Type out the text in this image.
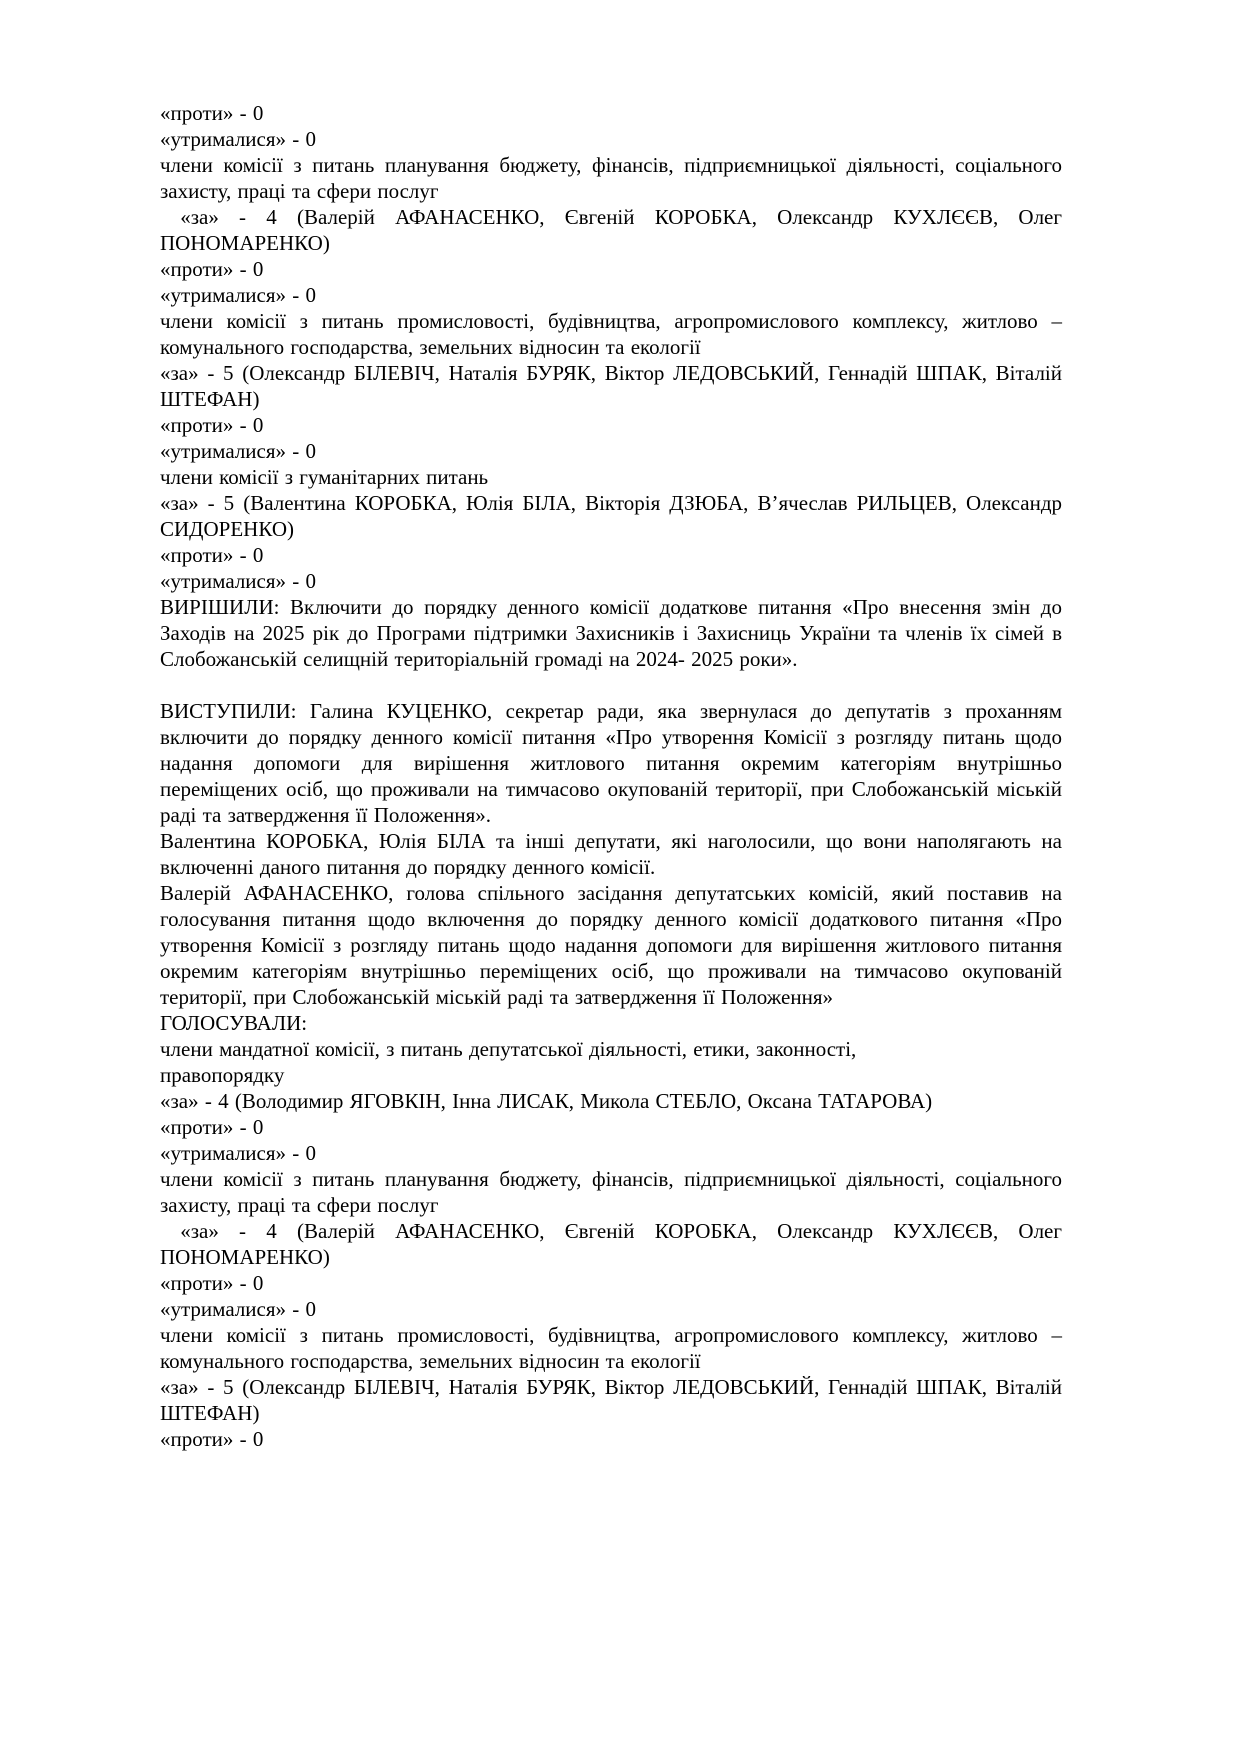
«проти» - 0

«утрималися» - 0

члени комісії з питань планування бюджету, фінансів, підприємницької діяльності, соціального захисту, праці та сфери послуг

«за» - 4 (Валерій АФАНАСЕНКО, Євгеній КОРОБКА, Олександр КУХЛЄЄВ, Олег ПОНОМАРЕНКО)

«проти» - 0

«утрималися» - 0

члени комісії з питань промисловості, будівництва, агропромислового комплексу, житлово – комунального господарства, земельних відносин та екології

«за» - 5 (Олександр БІЛЕВІЧ, Наталія БУРЯК, Віктор ЛЕДОВСЬКИЙ, Геннадій ШПАК, Віталій ШТЕФАН)

«проти» - 0

«утрималися» - 0

члени комісії з гуманітарних питань

«за» - 5 (Валентина КОРОБКА, Юлія БІЛА, Вікторія ДЗЮБА, В’ячеслав РИЛЬЦЕВ, Олександр СИДОРЕНКО)

«проти» - 0

«утрималися» - 0

ВИРІШИЛИ: Включити до порядку денного комісії додаткове питання «Про внесення змін до Заходів на 2025 рік до Програми підтримки Захисників і Захисниць України та членів їх сімей в Слобожанській селищній територіальній громаді на 2024- 2025 роки».

ВИСТУПИЛИ: Галина КУЦЕНКО, секретар ради, яка звернулася до депутатів з проханням включити до порядку денного комісії питання «Про утворення Комісії з розгляду питань щодо надання допомоги для вирішення житлового питання окремим категоріям внутрішньо переміщених осіб, що проживали на тимчасово окупованій території, при Слобожанській міській раді та затвердження її Положення».

Валентина КОРОБКА, Юлія БІЛА та інші депутати, які наголосили, що вони наполягають на включенні даного питання до порядку денного комісії.

Валерій АФАНАСЕНКО, голова спільного засідання депутатських комісій, який поставив на голосування питання щодо включення до порядку денного комісії додаткового питання «Про утворення Комісії з розгляду питань щодо надання допомоги для вирішення житлового питання окремим категоріям внутрішньо переміщених осіб, що проживали на тимчасово окупованій території, при Слобожанській міській раді та затвердження її Положення»

ГОЛОСУВАЛИ:

члени мандатної комісії, з питань депутатської діяльності, етики, законності,

правопорядку

«за» - 4 (Володимир ЯГОВКІН, Інна ЛИСАК, Микола СТЕБЛО, Оксана ТАТАРОВА)

«проти» - 0

«утрималися» - 0

члени комісії з питань планування бюджету, фінансів, підприємницької діяльності, соціального захисту, праці та сфери послуг

«за» - 4 (Валерій АФАНАСЕНКО, Євгеній КОРОБКА, Олександр КУХЛЄЄВ, Олег ПОНОМАРЕНКО)

«проти» - 0

«утрималися» - 0

члени комісії з питань промисловості, будівництва, агропромислового комплексу, житлово – комунального господарства, земельних відносин та екології

«за» - 5 (Олександр БІЛЕВІЧ, Наталія БУРЯК, Віктор ЛЕДОВСЬКИЙ, Геннадій ШПАК, Віталій ШТЕФАН)

«проти» - 0
